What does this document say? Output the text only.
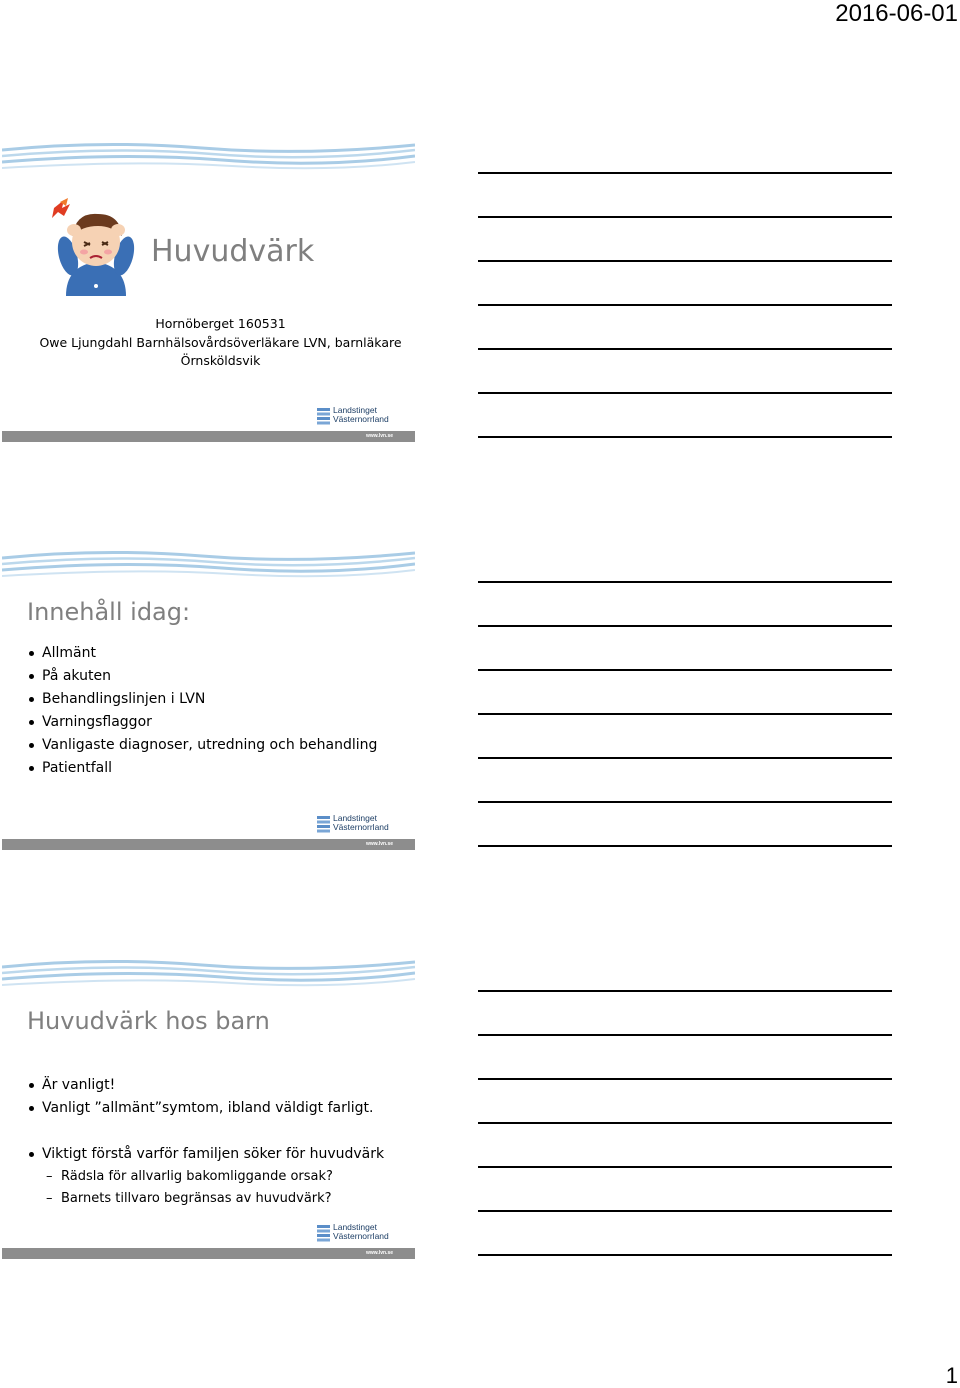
2016-06-01
Huvudvärk
Hornöberget 160531
Owe Ljungdahl Barnhälsovårdsöverläkare LVN, barnläkare
Örnsköldsvik
Landstinget
Västernorrland
www.lvn.se
Innehåll idag:
Allmänt
På akuten
Behandlingslinjen i LVN
Varningsflaggor
Vanligaste diagnoser, utredning och behandling
Patientfall
Landstinget
Västernorrland
www.lvn.se
Huvudvärk hos barn
Är vanligt!
Vanligt ”allmänt”symtom, ibland väldigt farligt.
Viktigt förstå varför familjen söker för huvudvärk
– Rädsla för allvarlig bakomliggande orsak?
– Barnets tillvaro begränsas av huvudvärk?
Landstinget
Västernorrland
www.lvn.se
1
